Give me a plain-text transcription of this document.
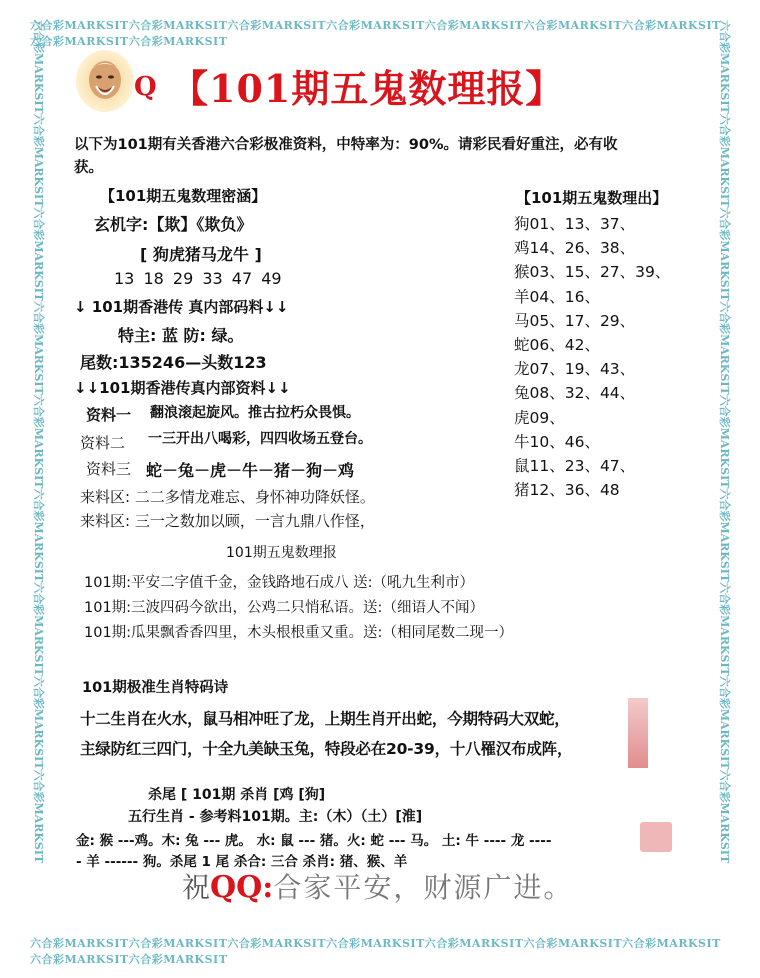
六合彩MARKSIT六合彩MARKSIT六合彩MARKSIT六合彩MARKSIT六合彩MARKSIT六合彩MARKSIT六合彩MARKSIT六合彩MARKSIT六合彩MARKSIT
六合彩MARKSIT六合彩MARKSIT六合彩MARKSIT六合彩MARKSIT六合彩MARKSIT六合彩MARKSIT六合彩MARKSIT六合彩MARKSIT六合彩MARKSIT
六合彩MARKSIT六合彩MARKSIT六合彩MARKSIT六合彩MARKSIT六合彩MARKSIT六合彩MARKSIT六合彩MARKSIT六合彩MARKSIT六合彩MARKSIT	六合彩MARKSIT六合彩MARKSIT六合彩MARKSIT六合彩MARKSIT六合彩MARKSIT六合彩MARKSIT六合彩MARKSIT六合彩MARKSIT六合彩MARKSIT
Q 【101期五鬼数理报】
以下为101期有关香港六合彩极准资料，中特率为：90%。请彩民看好重注，必有收
获。
【101期五鬼数理密涵】
玄机字:【欺】《欺负》
[ 狗虎猪马龙牛 ]
13 18 29 33 47 49
↓ 101期香港传 真内部码料↓↓
特主: 蓝 防: 绿。
尾数:135246—头数123
↓↓101期香港传真内部资料↓↓
资料一 翻浪滚起旋风。推古拉朽众畏惧。
资料二 一三开出八喝彩，四四收场五登台。
资料三 蛇－兔－虎－牛－猪－狗－鸡
来料区: 二二多情龙难忘、身怀神功降妖怪。
来料区: 三一之数加以顾，一言九鼎八作怪，
【101期五鬼数理出】
狗01、13、37、
鸡14、26、38、
猴03、15、27、39、
羊04、16、
马05、17、29、
蛇06、42、
龙07、19、43、
兔08、32、44、
虎09、
牛10、46、
鼠11、23、47、
猪12、36、48
101期五鬼数理报
101期:平安二字值千金，金钱路地石成八 送:（吼九生利市）
101期:三波四码今欲出，公鸡二只悄私语。送:（细语人不闻）
101期:瓜果飘香香四里，木头根根重又重。送:（相同尾数二现一）
101期极准生肖特码诗
十二生肖在火水，鼠马相冲旺了龙，上期生肖开出蛇，今期特码大双蛇，
主绿防红三四门，十全九美缺玉兔，特段必在20-39，十八罹汉布成阵，
杀尾 [ 101期 杀肖 [鸡 [狗]
五行生肖 - 参考料101期。主:（木）（土）[淮]
金: 猴 ---鸡。木: 兔 --- 虎。 水: 鼠 --- 猪。火: 蛇 --- 马。 土: 牛 ---- 龙 ----
- 羊 ------ 狗。杀尾 1 尾 杀合: 三合 杀肖: 猪、猴、羊
祝QQ:合家平安，财源广进。
